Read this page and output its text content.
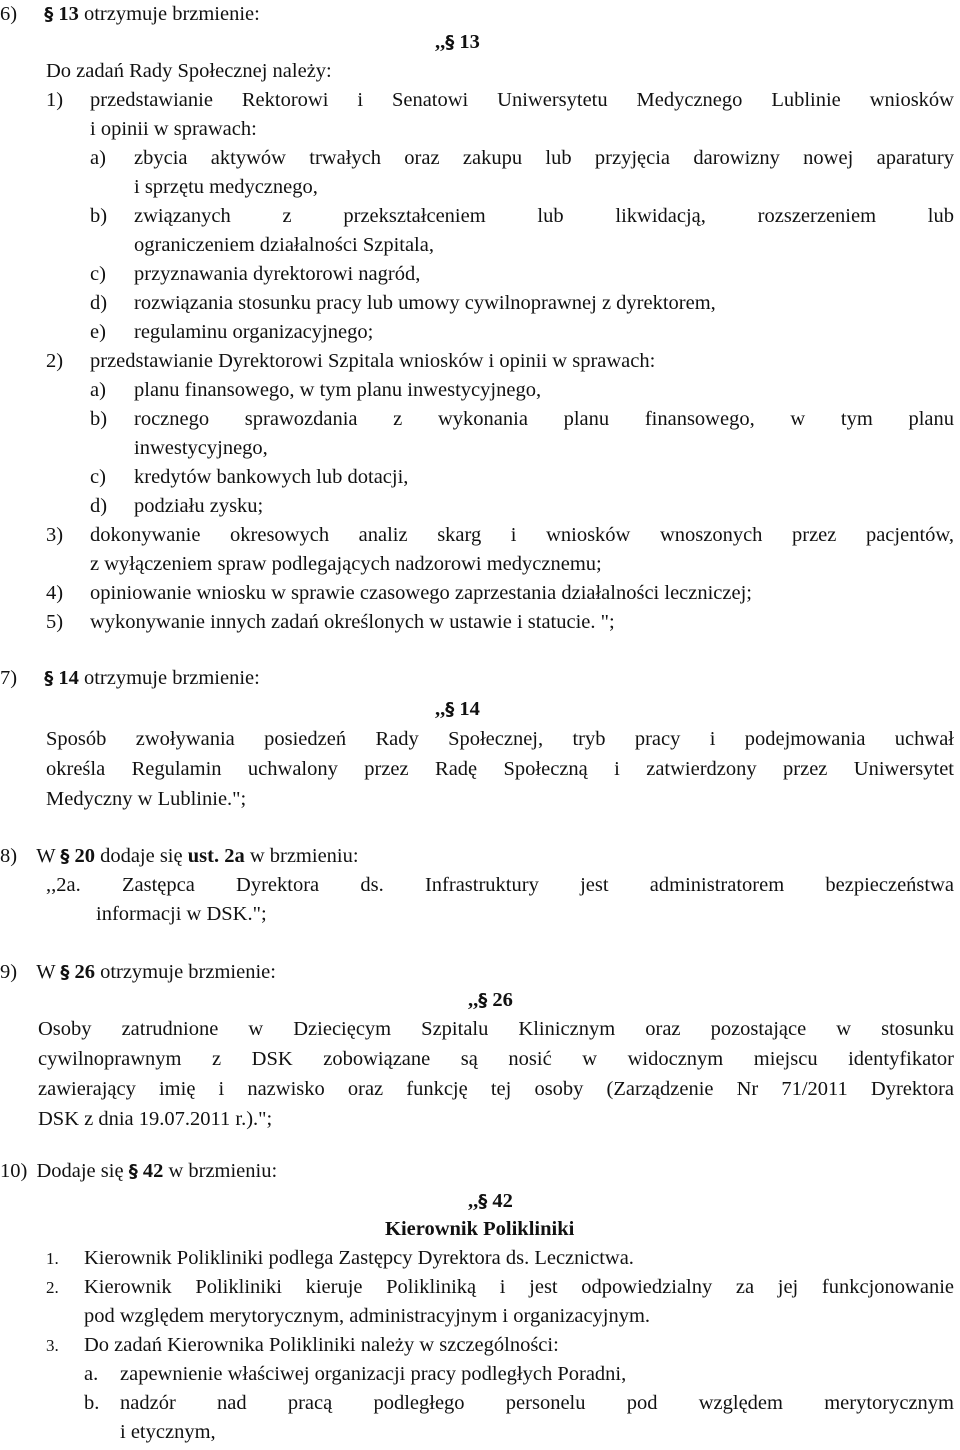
6) § 13 otrzymuje brzmienie:
,,§ 13
Do zadań Rady Społecznej należy:
1) przedstawianie Rektorowi i Senatowi Uniwersytetu Medycznego Lublinie wniosków
i opinii w sprawach:
a) zbycia aktywów trwałych oraz zakupu lub przyjęcia darowizny nowej aparatury
i sprzętu medycznego,
b) związanych z przekształceniem lub likwidacją, rozszerzeniem lub
ograniczeniem działalności Szpitala,
c) przyznawania dyrektorowi nagród,
d) rozwiązania stosunku pracy lub umowy cywilnoprawnej z dyrektorem,
e) regulaminu organizacyjnego;
2) przedstawianie Dyrektorowi Szpitala wniosków i opinii w sprawach:
a) planu finansowego, w tym planu inwestycyjnego,
b) rocznego sprawozdania z wykonania planu finansowego, w tym planu
inwestycyjnego,
c) kredytów bankowych lub dotacji,
d) podziału zysku;
3) dokonywanie okresowych analiz skarg i wniosków wnoszonych przez pacjentów,
z wyłączeniem spraw podlegających nadzorowi medycznemu;
4) opiniowanie wniosku w sprawie czasowego zaprzestania działalności leczniczej;
5) wykonywanie innych zadań określonych w ustawie i statucie. ";
7) § 14 otrzymuje brzmienie:
,,§ 14
Sposób zwoływania posiedzeń Rady Społecznej, tryb pracy i podejmowania uchwał
określa Regulamin uchwalony przez Radę Społeczną i zatwierdzony przez Uniwersytet
Medyczny w Lublinie.";
8) W § 20 dodaje się ust. 2a w brzmieniu:
,,2a. Zastępca Dyrektora ds. Infrastruktury jest administratorem bezpieczeństwa
informacji w DSK.";
9) W § 26 otrzymuje brzmienie:
,,§ 26
Osoby zatrudnione w Dziecięcym Szpitalu Klinicznym oraz pozostające w stosunku
cywilnoprawnym z DSK zobowiązane są nosić w widocznym miejscu identyfikator
zawierający imię i nazwisko oraz funkcję tej osoby (Zarządzenie Nr 71/2011 Dyrektora
DSK z dnia 19.07.2011 r.).";
10) Dodaje się § 42 w brzmieniu:
,,§ 42
Kierownik Polikliniki
1. Kierownik Polikliniki podlega Zastępcy Dyrektora ds. Lecznictwa.
2. Kierownik Polikliniki kieruje Polikliniką i jest odpowiedzialny za jej funkcjonowanie
pod względem merytorycznym, administracyjnym i organizacyjnym.
3. Do zadań Kierownika Polikliniki należy w szczególności:
a. zapewnienie właściwej organizacji pracy podległych Poradni,
b. nadzór nad pracą podległego personelu pod względem merytorycznym
i etycznym,
